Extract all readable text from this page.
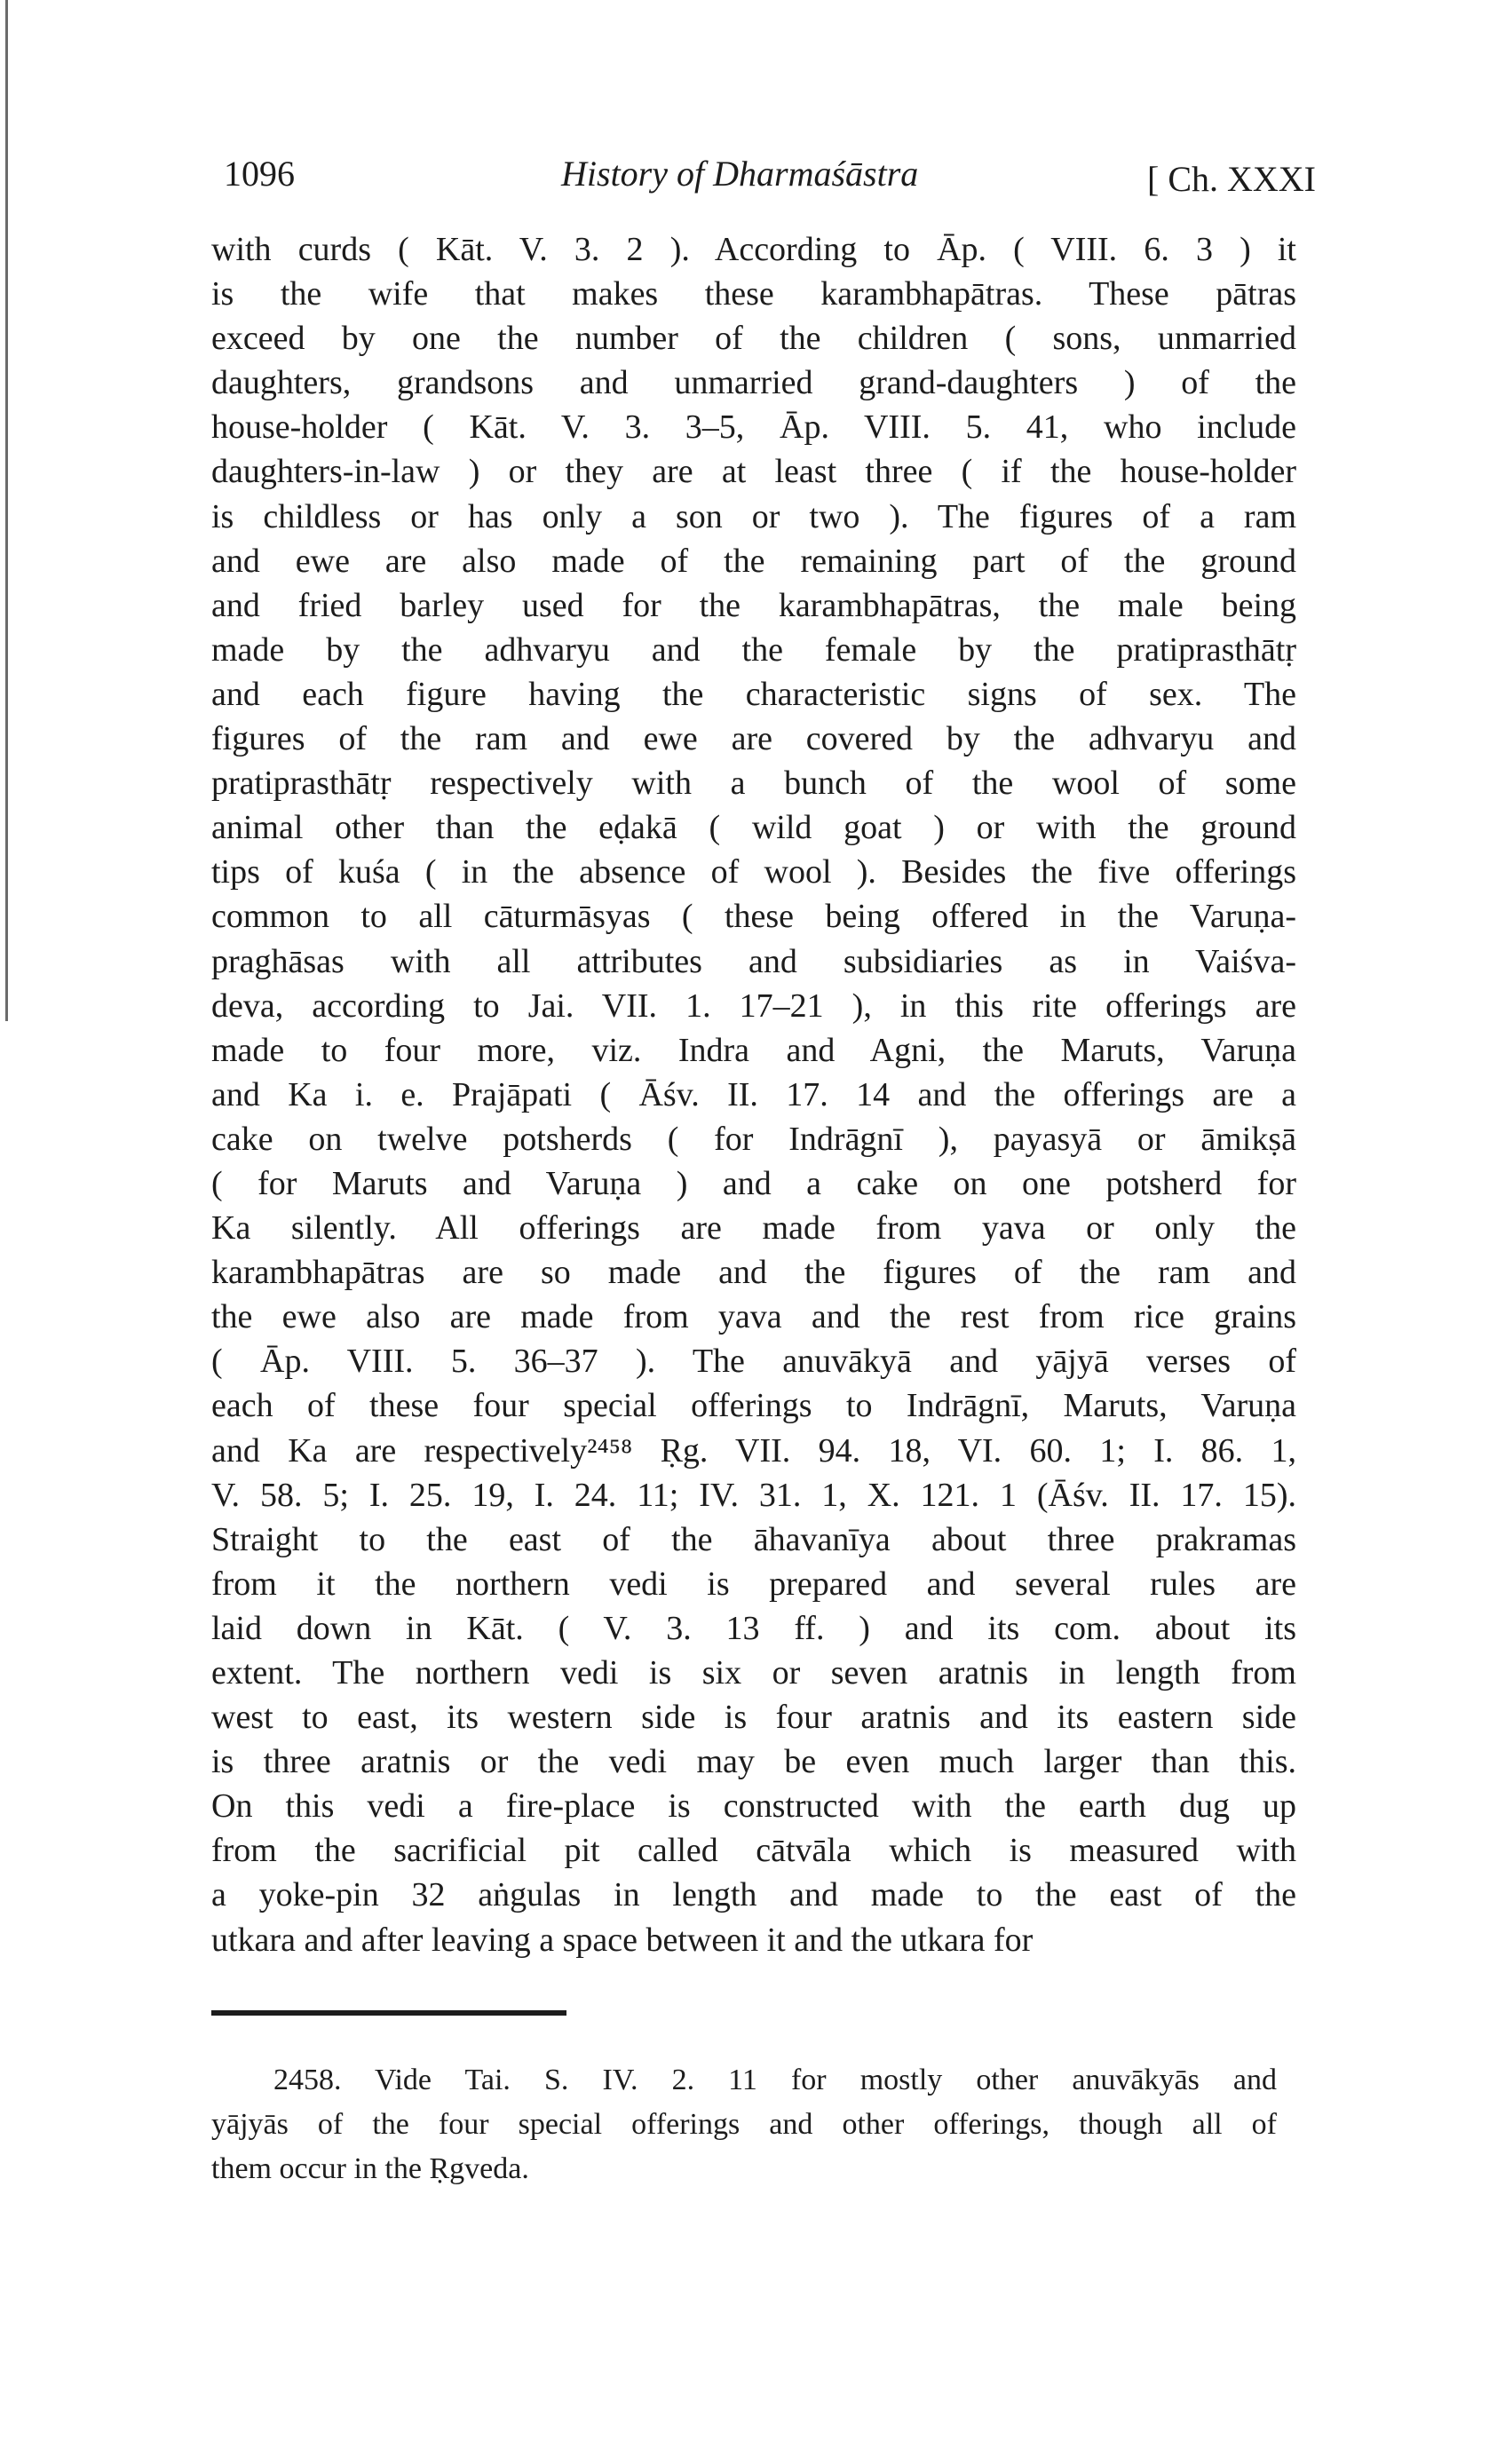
1096	History of Dharmaśāstra	[ Ch. XXXI
with curds ( Kāt. V. 3. 2 ). According to Āp. ( VIII. 6. 3 ) it
is the wife that makes these karambhapātras. These pātras
exceed by one the number of the children ( sons, unmarried
daughters, grandsons and unmarried grand-daughters ) of the
house-holder ( Kāt. V. 3. 3–5, Āp. VIII. 5. 41, who include
daughters-in-law ) or they are at least three ( if the house-holder
is childless or has only a son or two ). The figures of a ram
and ewe are also made of the remaining part of the ground
and fried barley used for the karambhapātras, the male being
made by the adhvaryu and the female by the pratiprasthātṛ
and each figure having the characteristic signs of sex. The
figures of the ram and ewe are covered by the adhvaryu and
pratiprasthātṛ respectively with a bunch of the wool of some
animal other than the eḍakā ( wild goat ) or with the ground
tips of kuśa ( in the absence of wool ). Besides the five offerings
common to all cāturmāsyas ( these being offered in the Varuṇa-
praghāsas with all attributes and subsidiaries as in Vaiśva-
deva, according to Jai. VII. 1. 17–21 ), in this rite offerings are
made to four more, viz. Indra and Agni, the Maruts, Varuṇa
and Ka i. e. Prajāpati ( Āśv. II. 17. 14 and the offerings are a
cake on twelve potsherds ( for Indrāgnī ), payasyā or āmikṣā
( for Maruts and Varuṇa ) and a cake on one potsherd for
Ka silently. All offerings are made from yava or only the
karambhapātras are so made and the figures of the ram and
the ewe also are made from yava and the rest from rice grains
( Āp. VIII. 5. 36–37 ). The anuvākyā and yājyā verses of
each of these four special offerings to Indrāgnī, Maruts, Varuṇa
and Ka are respectively²⁴⁵⁸ Ṛg. VII. 94. 18, VI. 60. 1; I. 86. 1,
V. 58. 5; I. 25. 19, I. 24. 11; IV. 31. 1, X. 121. 1 (Āśv. II. 17. 15).
Straight to the east of the āhavanīya about three prakramas
from it the northern vedi is prepared and several rules are
laid down in Kāt. ( V. 3. 13 ff. ) and its com. about its
extent. The northern vedi is six or seven aratnis in length from
west to east, its western side is four aratnis and its eastern side
is three aratnis or the vedi may be even much larger than this.
On this vedi a fire-place is constructed with the earth dug up
from the sacrificial pit called cātvāla which is measured with
a yoke-pin 32 aṅgulas in length and made to the east of the
utkara and after leaving a space between it and the utkara for
2458. Vide Tai. S. IV. 2. 11 for mostly other anuvākyās and
yājyās of the four special offerings and other offerings, though all of
them occur in the Ṛgveda.
